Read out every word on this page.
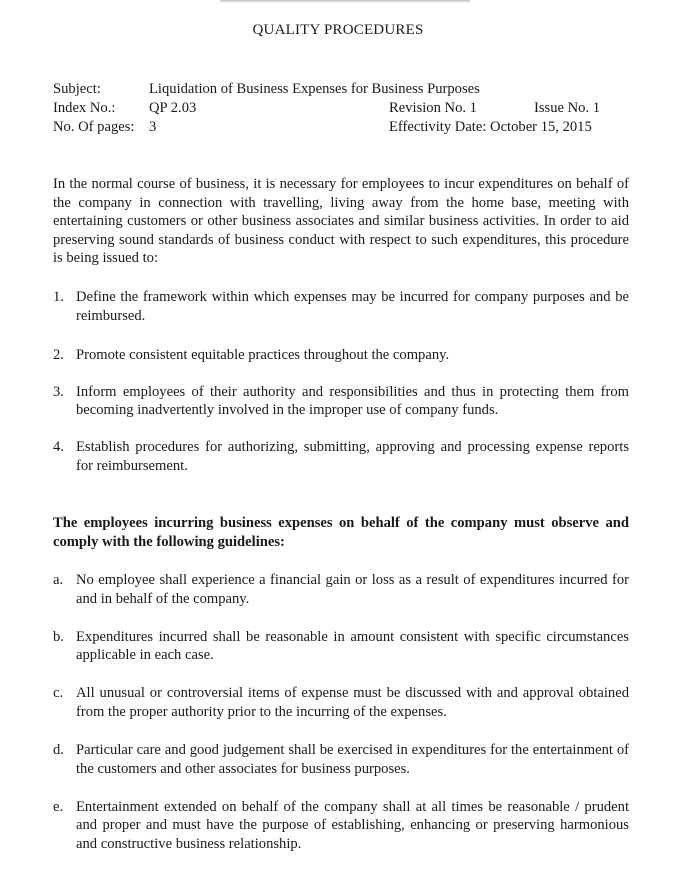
QUALITY PROCEDURES
Subject:	Liquidation of Business Expenses for Business Purposes
Index No.: QP 2.03	Revision No. 1	Issue No. 1
No. Of pages: 3	Effectivity Date: October 15, 2015

In the normal course of business, it is necessary for employees to incur expenditures on behalf of the company in connection with travelling, living away from the home base, meeting with entertaining customers or other business associates and similar business activities. In order to aid preserving sound standards of business conduct with respect to such expenditures, this procedure is being issued to:

1. Define the framework within which expenses may be incurred for company purposes and be reimbursed.
2. Promote consistent equitable practices throughout the company.
3. Inform employees of their authority and responsibilities and thus in protecting them from becoming inadvertently involved in the improper use of company funds.
4. Establish procedures for authorizing, submitting, approving and processing expense reports for reimbursement.

The employees incurring business expenses on behalf of the company must observe and comply with the following guidelines:

a. No employee shall experience a financial gain or loss as a result of expenditures incurred for and in behalf of the company.
b. Expenditures incurred shall be reasonable in amount consistent with specific circumstances applicable in each case.
c. All unusual or controversial items of expense must be discussed with and approval obtained from the proper authority prior to the incurring of the expenses.
d. Particular care and good judgement shall be exercised in expenditures for the entertainment of the customers and other associates for business purposes.
e. Entertainment extended on behalf of the company shall at all times be reasonable / prudent and proper and must have the purpose of establishing, enhancing or preserving harmonious and constructive business relationship.
